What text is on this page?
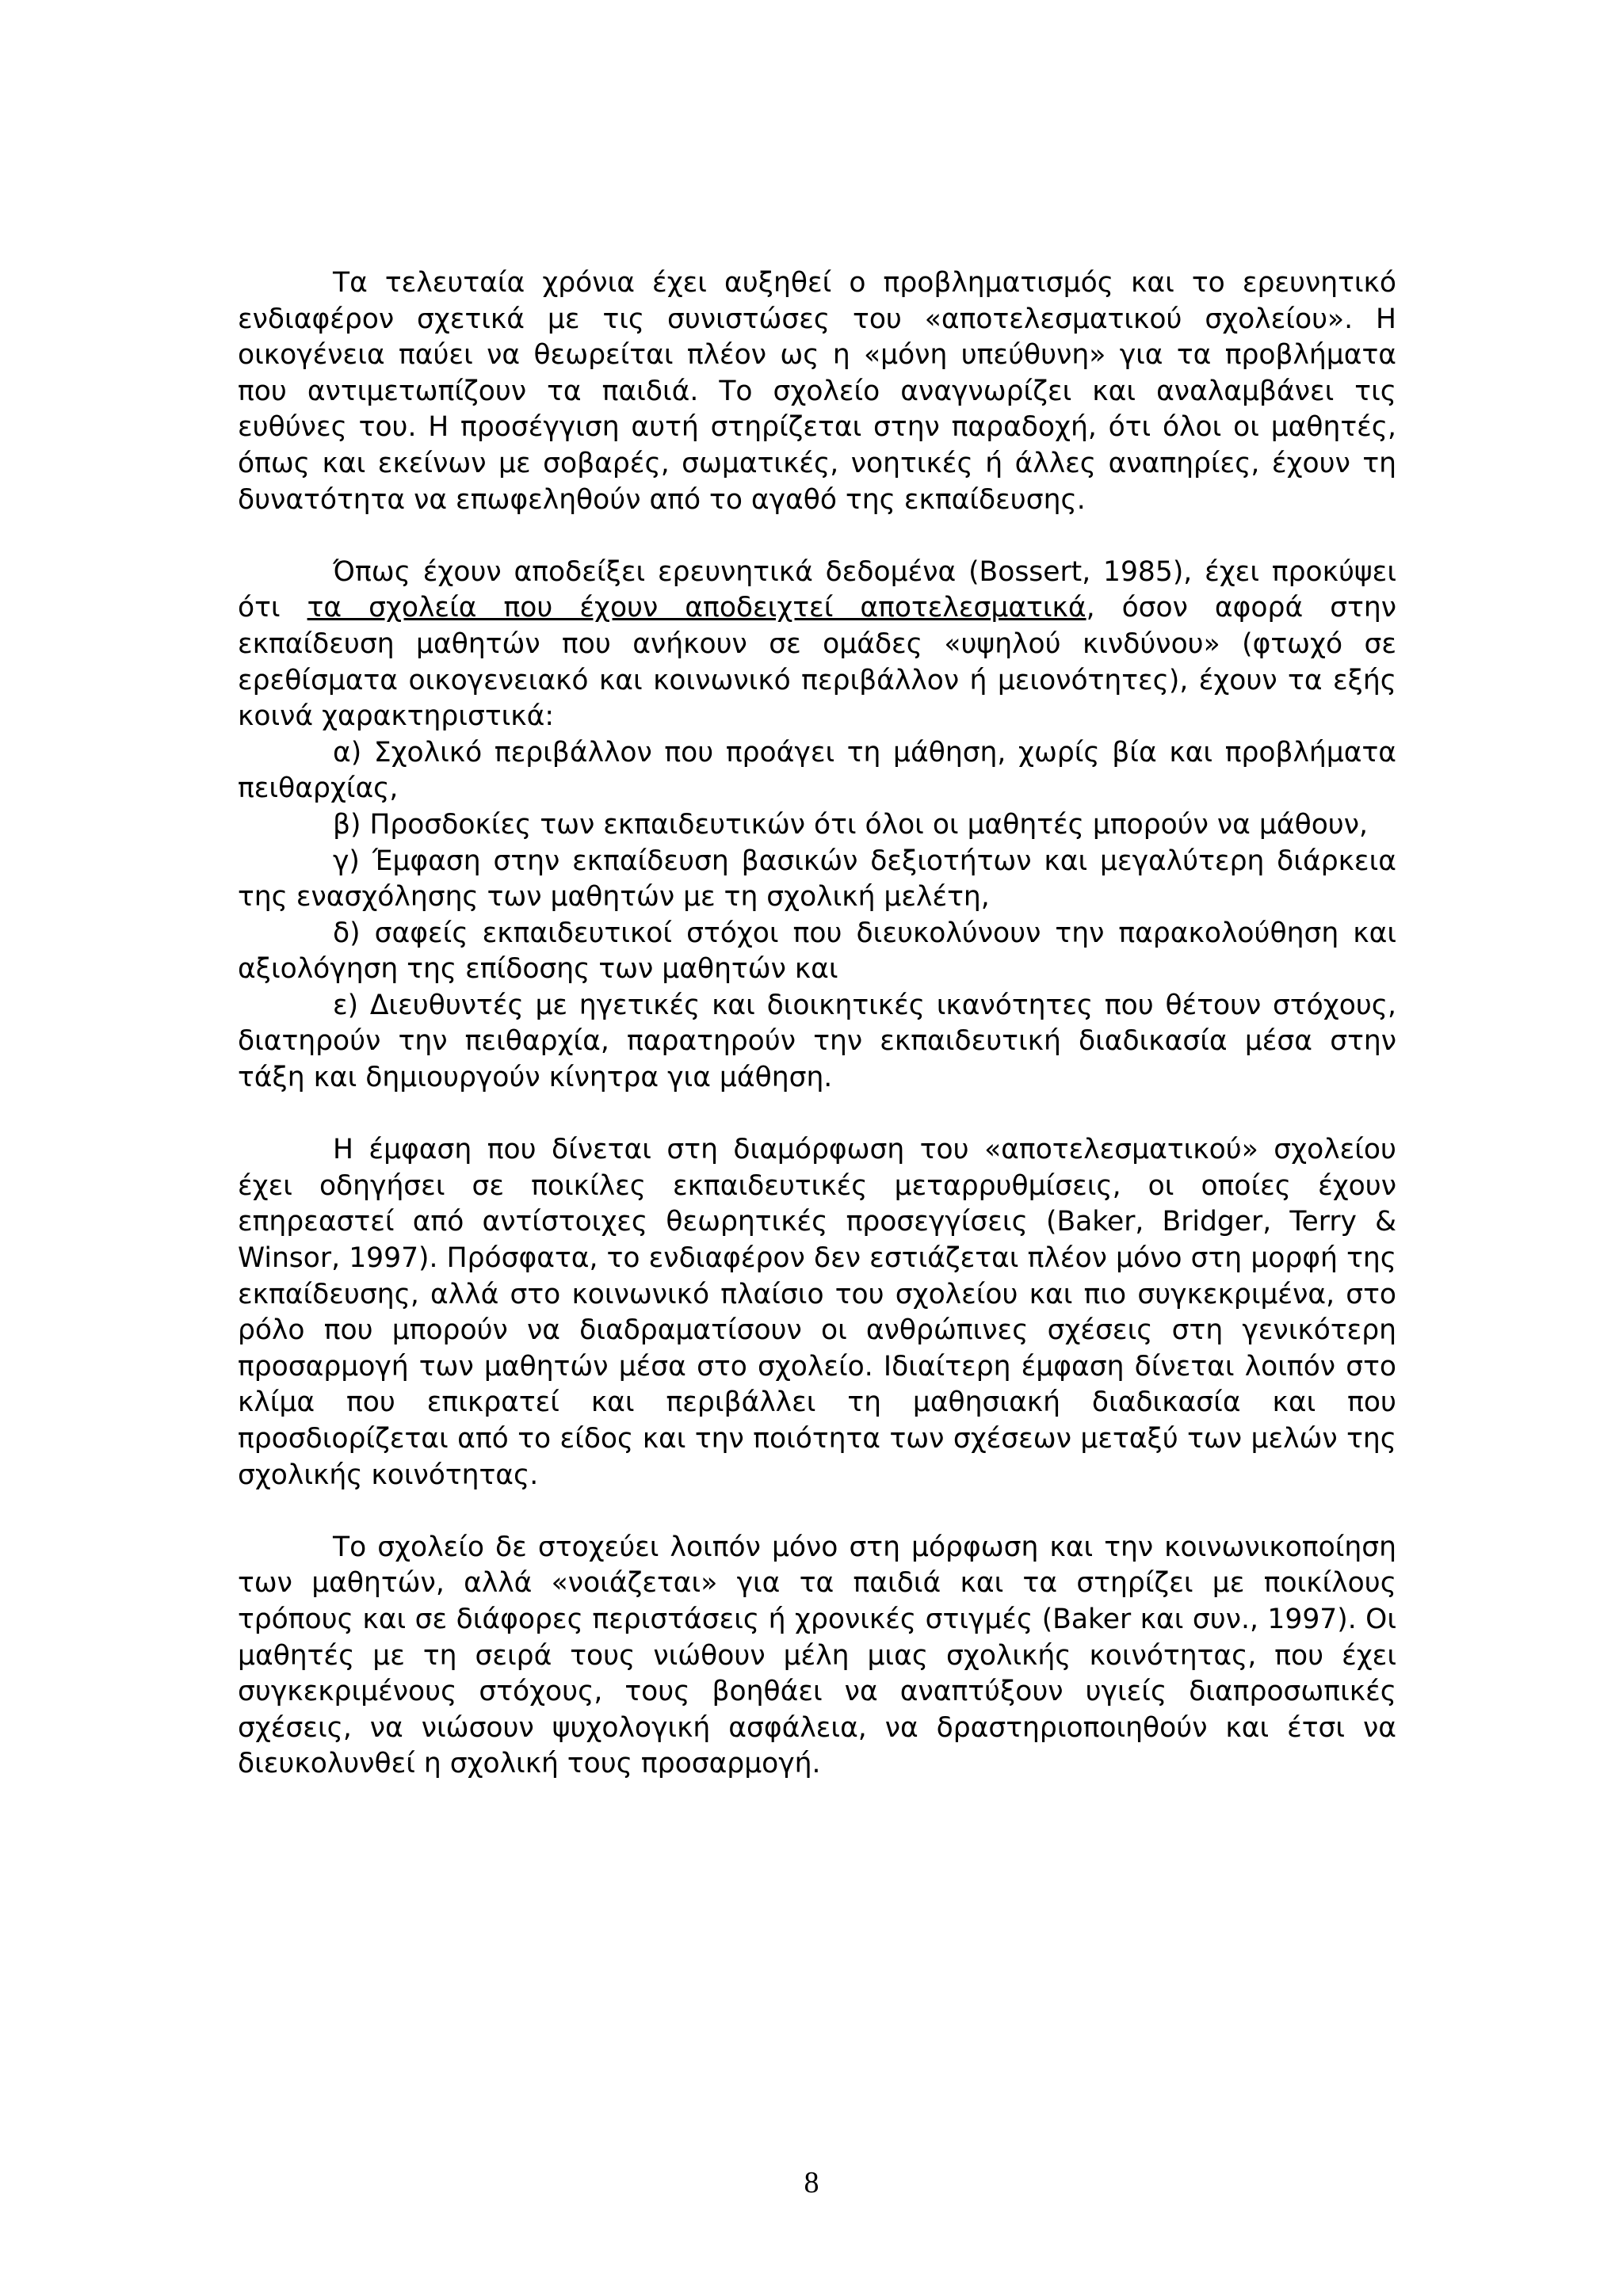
Τα τελευταία χρόνια έχει αυξηθεί ο προβληματισμός και το ερευνητικό ενδιαφέρον σχετικά με τις συνιστώσες του «αποτελεσματικού σχολείου». Η οικογένεια παύει να θεωρείται πλέον ως η «μόνη υπεύθυνη» για τα προβλήματα που αντιμετωπίζουν τα παιδιά. Το σχολείο αναγνωρίζει και αναλαμβάνει τις ευθύνες του. Η προσέγγιση αυτή στηρίζεται στην παραδοχή, ότι όλοι οι μαθητές, όπως και εκείνων με σοβαρές, σωματικές, νοητικές ή άλλες αναπηρίες, έχουν τη δυνατότητα να επωφεληθούν από το αγαθό της εκπαίδευσης.

Όπως έχουν αποδείξει ερευνητικά δεδομένα (Bossert, 1985), έχει προκύψει ότι τα σχολεία που έχουν αποδειχτεί αποτελεσματικά, όσον αφορά στην εκπαίδευση μαθητών που ανήκουν σε ομάδες «υψηλού κινδύνου» (φτωχό σε ερεθίσματα οικογενειακό και κοινωνικό περιβάλλον ή μειονότητες), έχουν τα εξής κοινά χαρακτηριστικά:

α) Σχολικό περιβάλλον που προάγει τη μάθηση, χωρίς βία και προβλήματα πειθαρχίας,

β) Προσδοκίες των εκπαιδευτικών ότι όλοι οι μαθητές μπορούν να μάθουν,

γ) Έμφαση στην εκπαίδευση βασικών δεξιοτήτων και μεγαλύτερη διάρκεια της ενασχόλησης των μαθητών με τη σχολική μελέτη,

δ) σαφείς εκπαιδευτικοί στόχοι που διευκολύνουν την παρακολούθηση και αξιολόγηση της επίδοσης των μαθητών και

ε) Διευθυντές με ηγετικές και διοικητικές ικανότητες που θέτουν στόχους, διατηρούν την πειθαρχία, παρατηρούν την εκπαιδευτική διαδικασία μέσα στην τάξη και δημιουργούν κίνητρα για μάθηση.

Η έμφαση που δίνεται στη διαμόρφωση του «αποτελεσματικού» σχολείου έχει οδηγήσει σε ποικίλες εκπαιδευτικές μεταρρυθμίσεις, οι οποίες έχουν επηρεαστεί από αντίστοιχες θεωρητικές προσεγγίσεις (Baker, Bridger, Terry & Winsor, 1997). Πρόσφατα, το ενδιαφέρον δεν εστιάζεται πλέον μόνο στη μορφή της εκπαίδευσης, αλλά στο κοινωνικό πλαίσιο του σχολείου και πιο συγκεκριμένα, στο ρόλο που μπορούν να διαδραματίσουν οι ανθρώπινες σχέσεις στη γενικότερη προσαρμογή των μαθητών μέσα στο σχολείο. Ιδιαίτερη έμφαση δίνεται λοιπόν στο κλίμα που επικρατεί και περιβάλλει τη μαθησιακή διαδικασία και που προσδιορίζεται από το είδος και την ποιότητα των σχέσεων μεταξύ των μελών της σχολικής κοινότητας.

Το σχολείο δε στοχεύει λοιπόν μόνο στη μόρφωση και την κοινωνικοποίηση των μαθητών, αλλά «νοιάζεται» για τα παιδιά και τα στηρίζει με ποικίλους τρόπους και σε διάφορες περιστάσεις ή χρονικές στιγμές (Baker και συν., 1997). Οι μαθητές με τη σειρά τους νιώθουν μέλη μιας σχολικής κοινότητας, που έχει συγκεκριμένους στόχους, τους βοηθάει να αναπτύξουν υγιείς διαπροσωπικές σχέσεις, να νιώσουν ψυχολογική ασφάλεια, να δραστηριοποιηθούν και έτσι να διευκολυνθεί η σχολική τους προσαρμογή.

8
